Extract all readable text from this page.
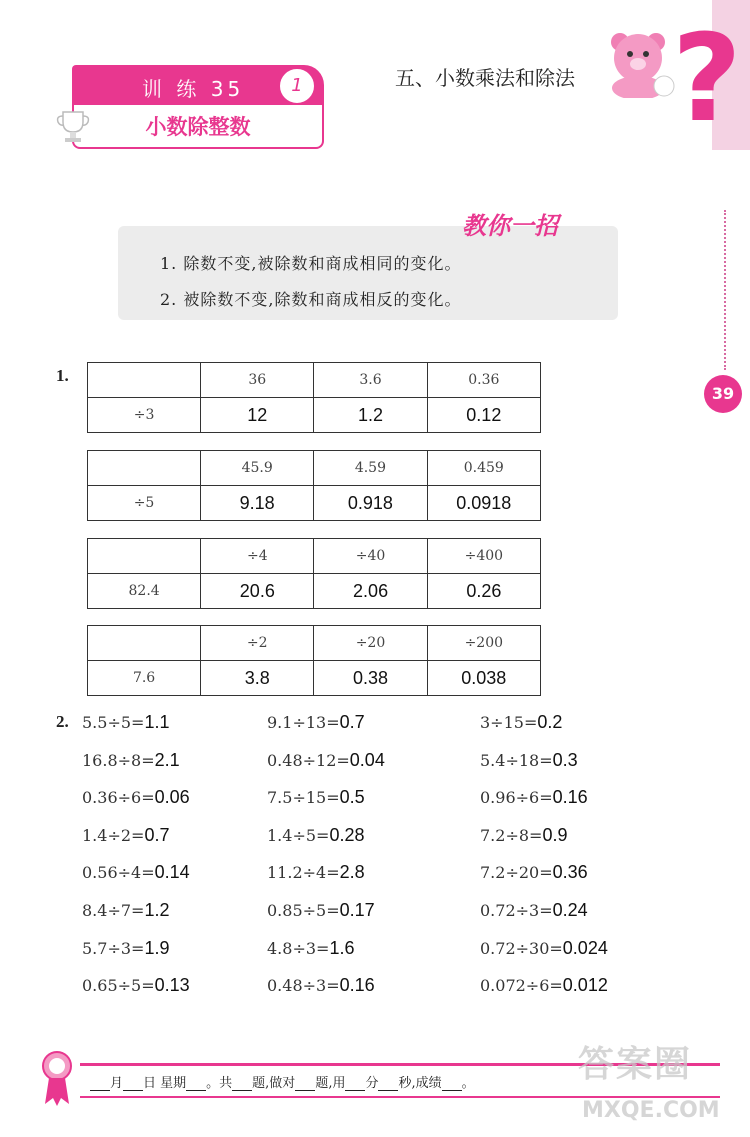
?
训 练 35	1
小数除整数
五、小数乘法和除法
39
教你一招
1. 除数不变,被除数和商成相同的变化。
2. 被除数不变,除数和商成相反的变化。
1.
		36	3.6	0.36
÷3	12	1.2	0.12
	45.9	4.59	0.459
÷5	9.18	0.918	0.0918
	÷4	÷40	÷400
82.4	20.6	2.06	0.26
	÷2	÷20	÷200
7.6	3.8	0.38	0.038
2. 5.5÷5=1.1	9.1÷13=0.7	3÷15=0.2
16.8÷8=2.1	0.48÷12=0.04	5.4÷18=0.3
0.36÷6=0.06	7.5÷15=0.5	0.96÷6=0.16
1.4÷2=0.7	1.4÷5=0.28	7.2÷8=0.9
0.56÷4=0.14	11.2÷4=2.8	7.2÷20=0.36
8.4÷7=1.2	0.85÷5=0.17	0.72÷3=0.24
5.7÷3=1.9	4.8÷3=1.6	0.72÷30=0.024
0.65÷5=0.13	0.48÷3=0.16	0.072÷6=0.012
月 日 星期 。共 题,做对 题,用 分 秒,成绩 。	答案圈
MXQE.COM
